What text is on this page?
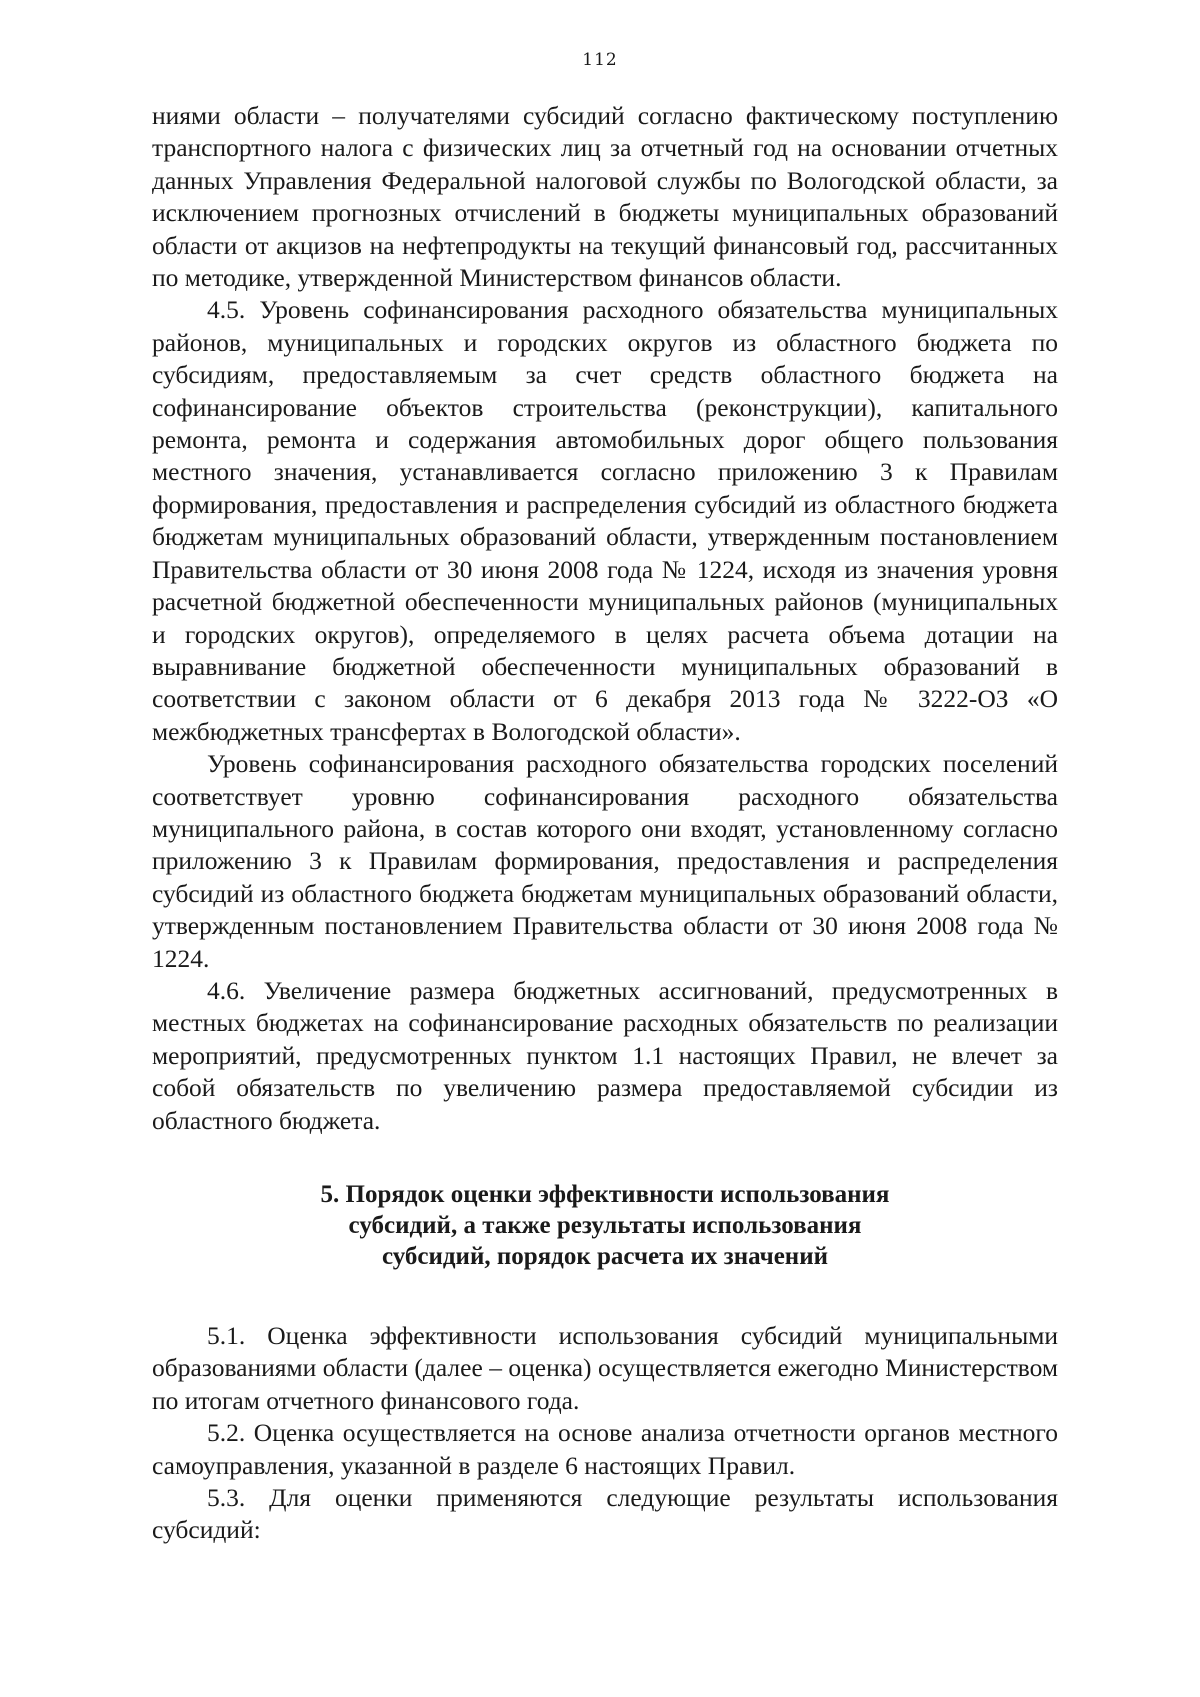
112

ниями области – получателями субсидий согласно фактическому поступлению транспортного налога с физических лиц за отчетный год на основании отчетных данных Управления Федеральной налоговой службы по Вологодской области, за исключением прогнозных отчислений в бюджеты муниципальных образований области от акцизов на нефтепродукты на текущий финансовый год, рассчитанных по методике, утвержденной Министерством финансов области.

4.5. Уровень софинансирования расходного обязательства муниципальных районов, муниципальных и городских округов из областного бюджета по субсидиям, предоставляемым за счет средств областного бюджета на софинансирование объектов строительства (реконструкции), капитального ремонта, ремонта и содержания автомобильных дорог общего пользования местного значения, устанавливается согласно приложению 3 к Правилам формирования, предоставления и распределения субсидий из областного бюджета бюджетам муниципальных образований области, утвержденным постановлением Правительства области от 30 июня 2008 года № 1224, исходя из значения уровня расчетной бюджетной обеспеченности муниципальных районов (муниципальных и городских округов), определяемого в целях расчета объема дотации на выравнивание бюджетной обеспеченности муниципальных образований в соответствии с законом области от 6 декабря 2013 года № 3222-ОЗ «О межбюджетных трансфертах в Вологодской области».

Уровень софинансирования расходного обязательства городских поселений соответствует уровню софинансирования расходного обязательства муниципального района, в состав которого они входят, установленному согласно приложению 3 к Правилам формирования, предоставления и распределения субсидий из областного бюджета бюджетам муниципальных образований области, утвержденным постановлением Правительства области от 30 июня 2008 года № 1224.

4.6. Увеличение размера бюджетных ассигнований, предусмотренных в местных бюджетах на софинансирование расходных обязательств по реализации мероприятий, предусмотренных пунктом 1.1 настоящих Правил, не влечет за собой обязательств по увеличению размера предоставляемой субсидии из областного бюджета.

5. Порядок оценки эффективности использования
субсидий, а также результаты использования
субсидий, порядок расчета их значений

5.1. Оценка эффективности использования субсидий муниципальными образованиями области (далее – оценка) осуществляется ежегодно Министерством по итогам отчетного финансового года.

5.2. Оценка осуществляется на основе анализа отчетности органов местного самоуправления, указанной в разделе 6 настоящих Правил.

5.3. Для оценки применяются следующие результаты использования субсидий:
